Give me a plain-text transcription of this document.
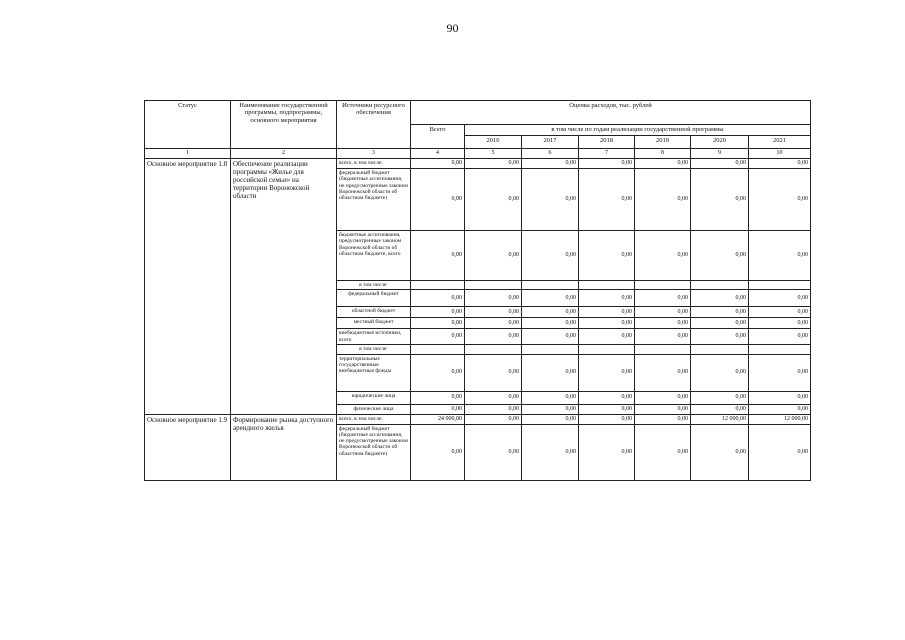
90
Статус	Наименование государственной программы, подпрограммы, основного мероприятия	Источники ресурсного обеспечения	Оценка расходов, тыс. рублей						
			Всего	в том числе по годам реализации государственной программы					
				2016	2017	2018	2019	2020	2021
1	2	3	4	5	6	7	8	9	10
Основное мероприятие 1.8	Обеспечение реализации программы «Жилье для российской семьи» на территории Воронежской области	всего, в том числе:	0,00	0,00	0,00	0,00	0,00	0,00	0,00
		федеральный бюджет (бюджетные ассигнования, не предусмотренные законом Воронежской области об областном бюджете)	0,00	0,00	0,00	0,00	0,00	0,00	0,00
		бюджетные ассигнования, предусмотренные законом Воронежской области об областном бюджете, всего	0,00	0,00	0,00	0,00	0,00	0,00	0,00
		в том числе:							
		федеральный бюджет	0,00	0,00	0,00	0,00	0,00	0,00	0,00
		областной бюджет	0,00	0,00	0,00	0,00	0,00	0,00	0,00
		местный бюджет	0,00	0,00	0,00	0,00	0,00	0,00	0,00
		внебюджетные источники, всего	0,00	0,00	0,00	0,00	0,00	0,00	0,00
		в том числе:							
		территориальные государственные внебюджетные фонды	0,00	0,00	0,00	0,00	0,00	0,00	0,00
		юридические лица	0,00	0,00	0,00	0,00	0,00	0,00	0,00
		физические лица	0,00	0,00	0,00	0,00	0,00	0,00	0,00
Основное мероприятие 1.9	Формирование рынка доступного арендного жилья	всего, в том числе:	24 000,00	0,00	0,00	0,00	0,00	12 000,00	12 000,00
		федеральный бюджет (бюджетные ассигнования, не предусмотренные законом Воронежской области об областном бюджете)	0,00	0,00	0,00	0,00	0,00	0,00	0,00
